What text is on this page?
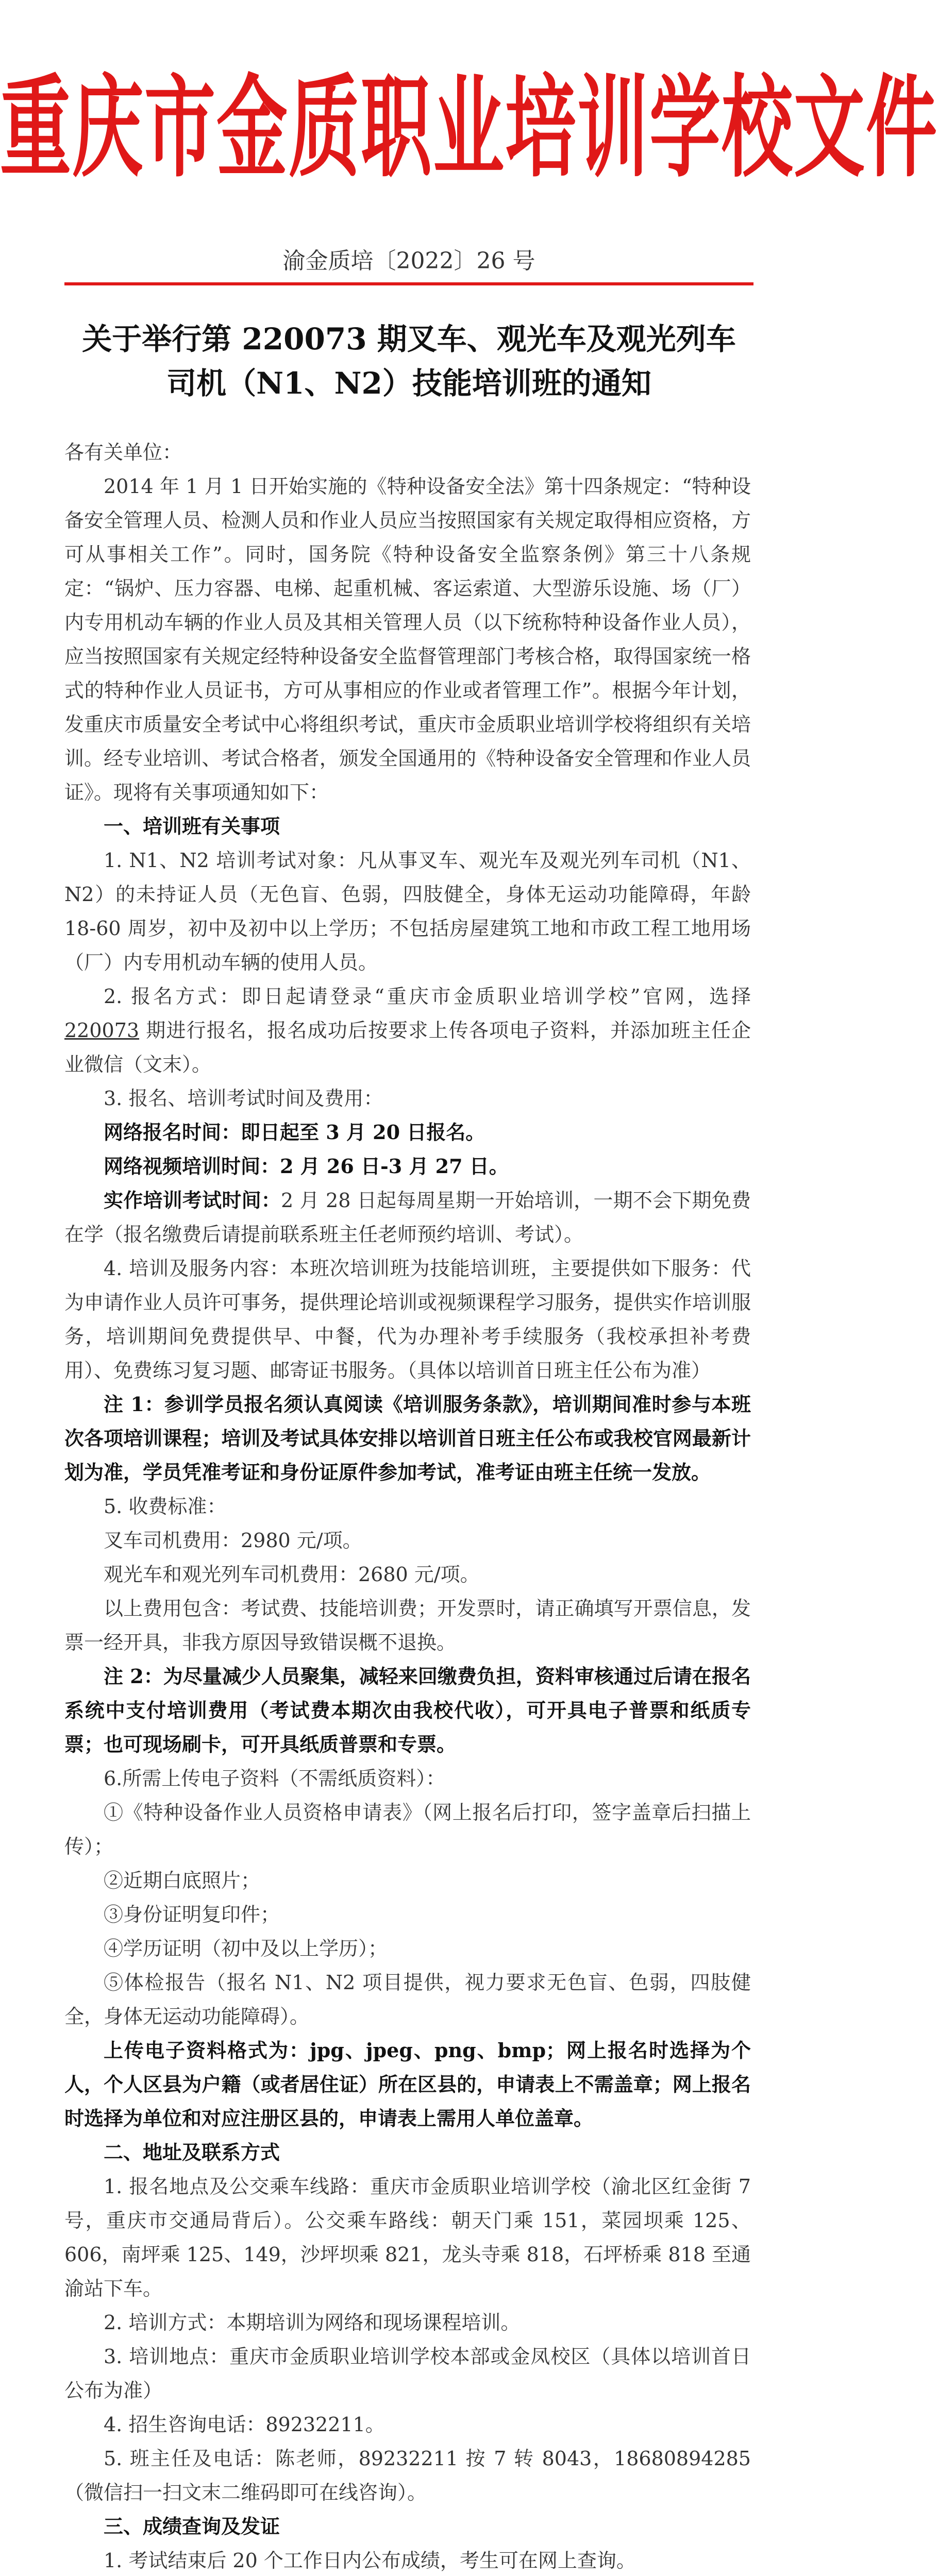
重庆市金质职业培训学校文件
渝金质培〔2022〕26 号
关于举行第 220073 期叉车、观光车及观光列车
司机（N1、N2）技能培训班的通知

各有关单位：

2014 年 1 月 1 日开始实施的《特种设备安全法》第十四条规定：“特种设备安全管理人员、检测人员和作业人员应当按照国家有关规定取得相应资格，方可从事相关工作”。同时，国务院《特种设备安全监察条例》第三十八条规定：“锅炉、压力容器、电梯、起重机械、客运索道、大型游乐设施、场（厂）内专用机动车辆的作业人员及其相关管理人员（以下统称特种设备作业人员），应当按照国家有关规定经特种设备安全监督管理部门考核合格，取得国家统一格式的特种作业人员证书，方可从事相应的作业或者管理工作”。根据今年计划，发重庆市质量安全考试中心将组织考试，重庆市金质职业培训学校将组织有关培训。经专业培训、考试合格者，颁发全国通用的《特种设备安全管理和作业人员证》。现将有关事项通知如下：

一、培训班有关事项

1. N1、N2 培训考试对象：凡从事叉车、观光车及观光列车司机（N1、N2）的未持证人员（无色盲、色弱，四肢健全，身体无运动功能障碍，年龄 18-60 周岁，初中及初中以上学历；不包括房屋建筑工地和市政工程工地用场（厂）内专用机动车辆的使用人员。

2. 报名方式：即日起请登录“重庆市金质职业培训学校”官网，选择 220073 期进行报名，报名成功后按要求上传各项电子资料，并添加班主任企业微信（文末）。

3. 报名、培训考试时间及费用：

网络报名时间：即日起至 3 月 20 日报名。

网络视频培训时间：2 月 26 日-3 月 27 日。

实作培训考试时间：2 月 28 日起每周星期一开始培训，一期不会下期免费在学（报名缴费后请提前联系班主任老师预约培训、考试）。

4. 培训及服务内容：本班次培训班为技能培训班，主要提供如下服务：代为申请作业人员许可事务，提供理论培训或视频课程学习服务，提供实作培训服务，培训期间免费提供早、中餐，代为办理补考手续服务（我校承担补考费用）、免费练习复习题、邮寄证书服务。（具体以培训首日班主任公布为准）

注 1：参训学员报名须认真阅读《培训服务条款》，培训期间准时参与本班次各项培训课程；培训及考试具体安排以培训首日班主任公布或我校官网最新计划为准，学员凭准考证和身份证原件参加考试，准考证由班主任统一发放。

5. 收费标准：

叉车司机费用：2980 元/项。

观光车和观光列车司机费用：2680 元/项。

以上费用包含：考试费、技能培训费；开发票时，请正确填写开票信息，发票一经开具，非我方原因导致错误概不退换。

注 2：为尽量减少人员聚集，减轻来回缴费负担，资料审核通过后请在报名系统中支付培训费用（考试费本期次由我校代收），可开具电子普票和纸质专票；也可现场刷卡，可开具纸质普票和专票。

6.所需上传电子资料（不需纸质资料）：

①《特种设备作业人员资格申请表》（网上报名后打印，签字盖章后扫描上传）；

②近期白底照片；

③身份证明复印件；

④学历证明（初中及以上学历）；

⑤体检报告（报名 N1、N2 项目提供，视力要求无色盲、色弱，四肢健全，身体无运动功能障碍）。

上传电子资料格式为：jpg、jpeg、png、bmp；网上报名时选择为个人，个人区县为户籍（或者居住证）所在区县的，申请表上不需盖章；网上报名时选择为单位和对应注册区县的，申请表上需用人单位盖章。

二、地址及联系方式

1. 报名地点及公交乘车线路：重庆市金质职业培训学校（渝北区红金街 7 号，重庆市交通局背后）。公交乘车路线：朝天门乘 151，菜园坝乘 125、606，南坪乘 125、149，沙坪坝乘 821，龙头寺乘 818，石坪桥乘 818 至通渝站下车。

2. 培训方式：本期培训为网络和现场课程培训。

3. 培训地点：重庆市金质职业培训学校本部或金凤校区（具体以培训首日公布为准）

4. 招生咨询电话：89232211。

5. 班主任及电话：陈老师，89232211 按 7 转 8043，18680894285（微信扫一扫文末二维码即可在线咨询）。

三、成绩查询及发证

1. 考试结束后 20 个工作日内公布成绩，考生可在网上查询。
